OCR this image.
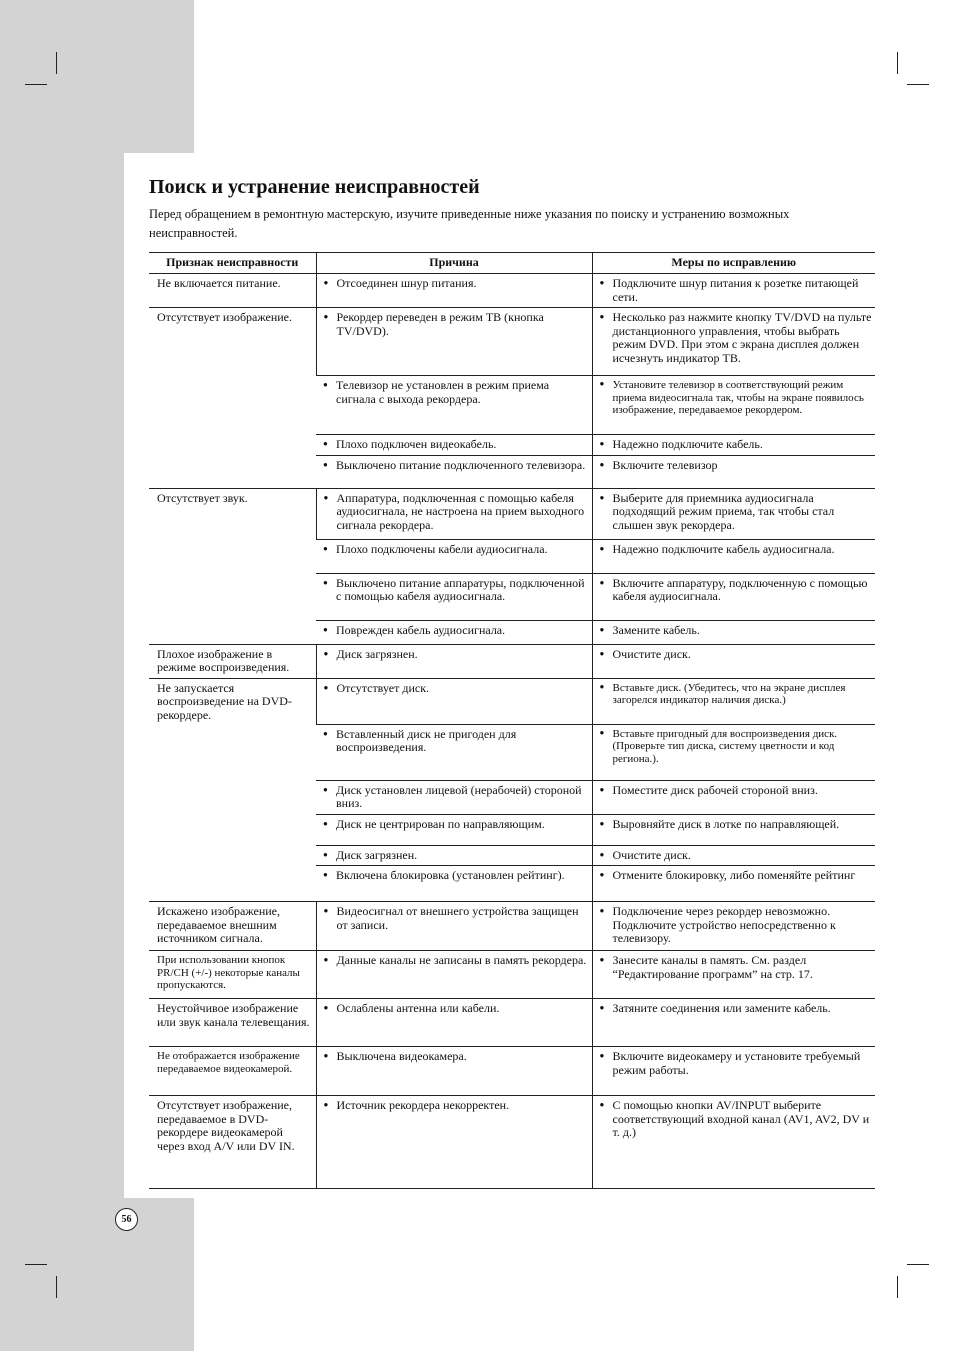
Поиск и устранение неисправностей

Перед обращением в ремонтную мастерскую, изучите приведенные ниже указания по поиску и устранению возможных неисправностей.

Признак неисправности	Причина	Меры по исправлению
Не включается питание.	● Отсоединен шнур питания.	● Подключите шнур питания к розетке питающей сети.
Отсутствует изображение.	● Рекордер переведен в режим ТВ (кнопка TV/DVD).	● Несколько раз нажмите кнопку TV/DVD на пульте дистанционного управления, чтобы выбрать режим DVD. При этом с экрана дисплея должен исчезнуть индикатор ТВ.
	● Телевизор не установлен в режим приема сигнала с выхода рекордера.	● Установите телевизор в соответствующий режим приема видеосигнала так, чтобы на экране появилось изображение, передаваемое рекордером.
	● Плохо подключен видеокабель.	● Надежно подключите кабель.
	● Выключено питание подключенного телевизора.	● Включите телевизор
Отсутствует звук.	● Аппаратура, подключенная с помощью кабеля аудиосигнала, не настроена на прием выходного сигнала рекордера.	● Выберите для приемника аудиосигнала подходящий режим приема, так чтобы стал слышен звук рекордера.
	● Плохо подключены кабели аудиосигнала.	● Надежно подключите кабель аудиосигнала.
	● Выключено питание аппаратуры, подключенной с помощью кабеля аудиосигнала.	● Включите аппаратуру, подключенную с помощью кабеля аудиосигнала.
	● Поврежден кабель аудиосигнала.	● Замените кабель.
Плохое изображение в режиме воспроизведения.	● Диск загрязнен.	● Очистите диск.
Не запускается воспроизведение на DVD-рекордере.	● Отсутствует диск.	● Вставьте диск. (Убедитесь, что на экране дисплея загорелся индикатор наличия диска.)
	● Вставленный диск не пригоден для воспроизведения.	● Вставьте пригодный для воспроизведения диск. (Проверьте тип диска, систему цветности и код региона.).
	● Диск установлен лицевой (нерабочей) стороной вниз.	● Поместите диск рабочей стороной вниз.
	● Диск не центрирован по направляющим.	● Выровняйте диск в лотке по направляющей.
	● Диск загрязнен.	● Очистите диск.
	● Включена блокировка (установлен рейтинг).	● Отмените блокировку, либо поменяйте рейтинг
Искажено изображение, передаваемое внешним источником сигнала.	● Видеосигнал от внешнего устройства защищен от записи.	● Подключение через рекордер невозможно. Подключите устройство непосредственно к телевизору.
При использовании кнопок PR/CH (+/-) некоторые каналы пропускаются.	● Данные каналы не записаны в память рекордера.	● Занесите каналы в память. См. раздел “Редактирование программ” на стр. 17.
Неустойчивое изображение или звук канала телевещания.	● Ослаблены антенна или кабели.	● Затяните соединения или замените кабель.
Не отображается изображение передаваемое видеокамерой.	● Выключена видеокамера.	● Включите видеокамеру и установите требуемый режим работы.
Отсутствует изображение, передаваемое в DVD-рекордере видеокамерой через вход A/V или DV IN.	● Источник рекордера некорректен.	● С помощью кнопки AV/INPUT выберите соответствующий входной канал (AV1, AV2, DV и т. д.)
56
